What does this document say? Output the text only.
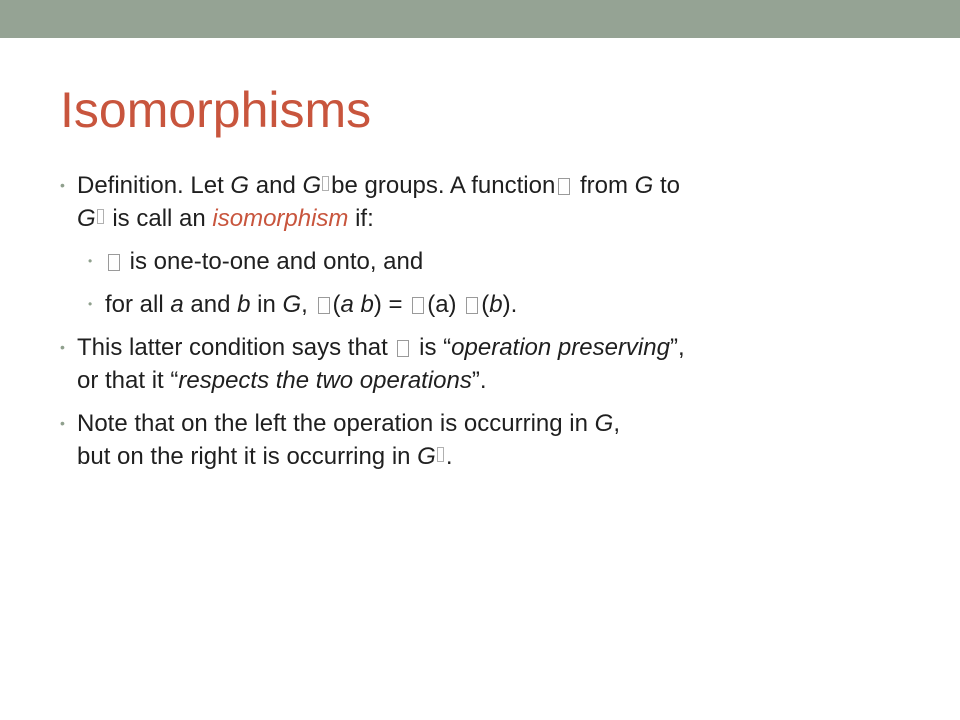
Isomorphisms
• Definition. Let G and G be groups. A function from G to
G is call an isomorphism if:
•	is one-to-one and onto, and
• for all a and b in G, (a b) = (a) (b).
• This latter condition says that  is “operation preserving”,
or that it “respects the two operations”.
• Note that on the left the operation is occurring in G,
but on the right it is occurring in G .
